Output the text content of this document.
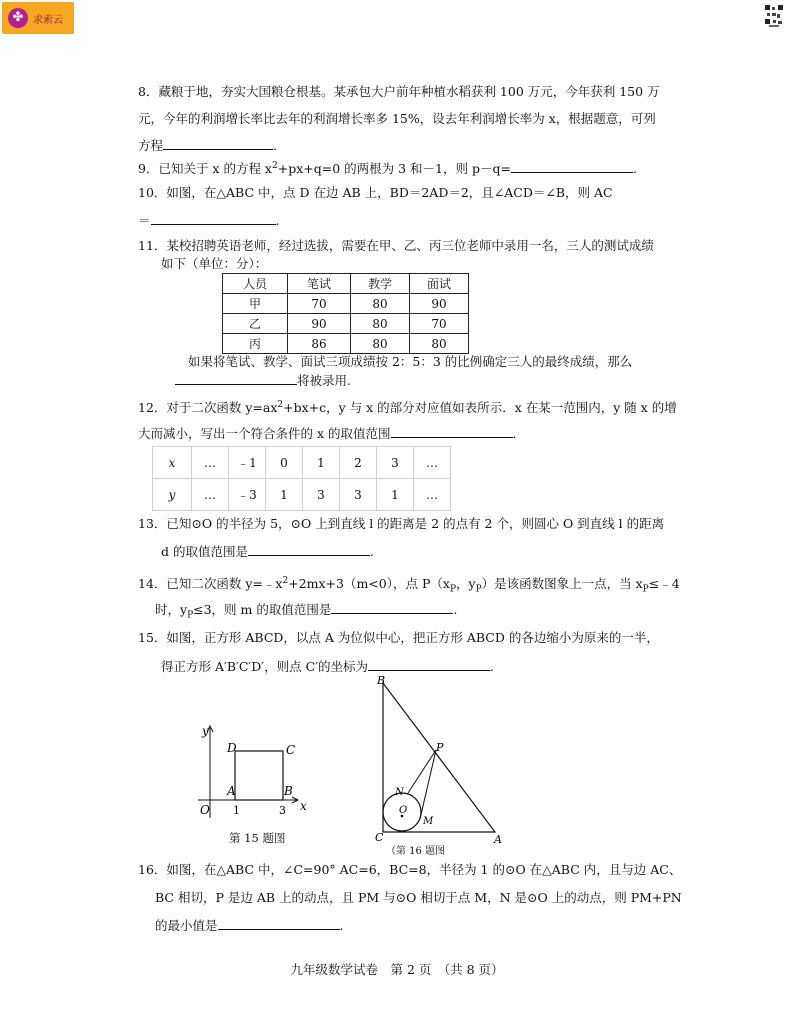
✤ 求索云
8．藏粮于地，夯实大国粮仓根基。某承包大户前年种植水稻获利 100 万元，今年获利 150 万
元，今年的利润增长率比去年的利润增长率多 15%，设去年利润增长率为 x，根据题意，可列
方程	.
9．已知关于 x 的方程 $x^2+px+q=0$ 的两根为 3 和－1，则 p－q=	.
10．如图，在△ABC 中，点 D 在边 AB 上，BD＝2AD＝2，且∠ACD＝∠B，则 AC
＝	.
11．某校招聘英语老师，经过选拔，需要在甲、乙、丙三位老师中录用一名，三人的测试成绩
如下（单位：分）：
人员	笔试	教学	面试
甲	70	80	90
乙	90	80	70
丙	86	80	80
如果将笔试、教学、面试三项成绩按 2：5：3 的比例确定三人的最终成绩，那么
将被录用.
12．对于二次函数 $y=ax^2+bx+c$，y 与 x 的部分对应值如表所示．x 在某一范围内，y 随 x 的增
大而减小，写出一个符合条件的 x 的取值范围	.
x	…	﹣1	0	1	2	3	…
y	…	﹣3	1	3	3	1	…
13．已知⊙O 的半径为 5，⊙O 上到直线 l 的距离是 2 的点有 2 个，则圆心 O 到直线 l 的距离
d 的取值范围是	.
14．已知二次函数 $y=﹣x^2+2mx+3(m<0)$，点 $P(x_P$，$y_P$）是该函数图象上一点，当 $x_P\le﹣4$
时，$y_P\le 3$，则 m 的取值范围是	.
15．如图，正方形 ABCD，以点 A 为位似中心，把正方形 ABCD 的各边缩小为原来的一半，
得正方形 A′B′C′D′，则点 C′的坐标为	.
y
x
O
A	B
C
D
1	3
第 15 题图
B
P
N
M
O
C	A
（第 16 题图
16．如图，在△ABC 中，∠C=90° AC=6，BC=8，半径为 1 的⊙O 在△ABC 内，且与边 AC、
BC 相切，P 是边 AB 上的动点，且 PM 与⊙O 相切于点 M，N 是⊙O 上的动点，则 PM+PN
的最小值是	.
九年级数学试卷　第 2 页　（共 8 页）
